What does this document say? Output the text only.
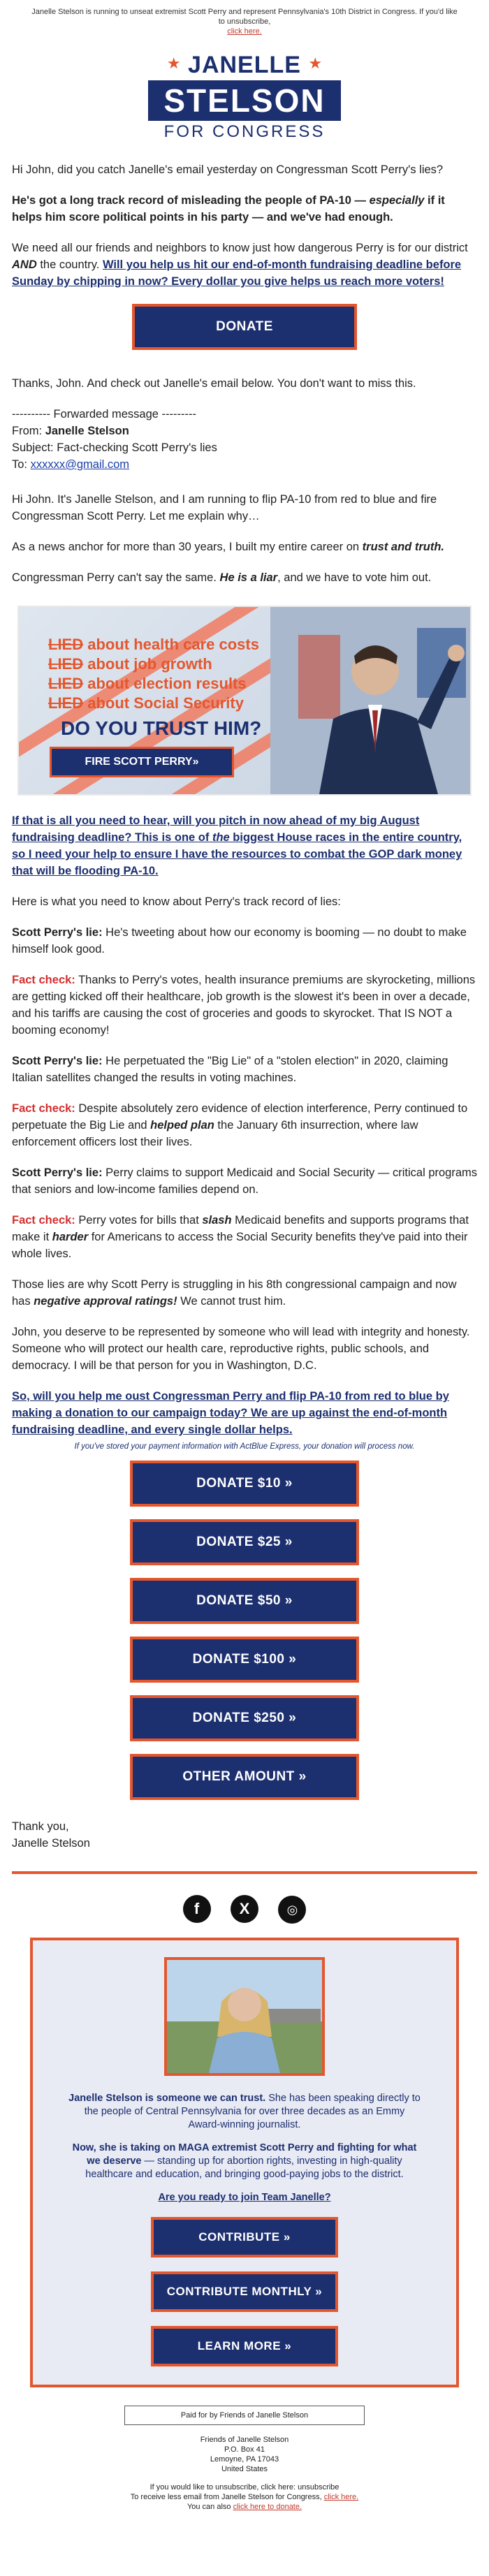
Janelle Stelson is running to unseat extremist Scott Perry and represent Pennsylvania's 10th District in Congress. If you'd like to unsubscribe,
click here.
★ JANELLE ★
STELSON
FOR CONGRESS

Hi John, did you catch Janelle's email yesterday on Congressman Scott Perry's lies?

He's got a long track record of misleading the people of PA-10 — especially if it helps him score political points in his party — and we've had enough.

We need all our friends and neighbors to know just how dangerous Perry is for our district AND the country. Will you help us hit our end-of-month fundraising deadline before Sunday by chipping in now? Every dollar you give helps us reach more voters!

DONATE

Thanks, John. And check out Janelle's email below. You don't want to miss this.

---------- Forwarded message ---------
From: Janelle Stelson
Subject: Fact-checking Scott Perry's lies
To: xxxxxx@gmail.com

Hi John. It's Janelle Stelson, and I am running to flip PA-10 from red to blue and fire Congressman Scott Perry. Let me explain why…

As a news anchor for more than 30 years, I built my entire career on trust and truth.

Congressman Perry can't say the same. He is a liar, and we have to vote him out.

LIED about health care costs
LIED about job growth
LIED about election results
LIED about Social Security
DO YOU TRUST HIM?
FIRE SCOTT PERRY»

If that is all you need to hear, will you pitch in now ahead of my big August fundraising deadline? This is one of the biggest House races in the entire country, so I need your help to ensure I have the resources to combat the GOP dark money that will be flooding PA-10.

Here is what you need to know about Perry's track record of lies:

Scott Perry's lie: He's tweeting about how our economy is booming — no doubt to make himself look good.

Fact check: Thanks to Perry's votes, health insurance premiums are skyrocketing, millions are getting kicked off their healthcare, job growth is the slowest it's been in over a decade, and his tariffs are causing the cost of groceries and goods to skyrocket. That IS NOT a booming economy!

Scott Perry's lie: He perpetuated the "Big Lie" of a "stolen election" in 2020, claiming Italian satellites changed the results in voting machines.

Fact check: Despite absolutely zero evidence of election interference, Perry continued to perpetuate the Big Lie and helped plan the January 6th insurrection, where law enforcement officers lost their lives.

Scott Perry's lie: Perry claims to support Medicaid and Social Security — critical programs that seniors and low-income families depend on.

Fact check: Perry votes for bills that slash Medicaid benefits and supports programs that make it harder for Americans to access the Social Security benefits they've paid into their whole lives.

Those lies are why Scott Perry is struggling in his 8th congressional campaign and now has negative approval ratings! We cannot trust him.

John, you deserve to be represented by someone who will lead with integrity and honesty. Someone who will protect our health care, reproductive rights, public schools, and democracy. I will be that person for you in Washington, D.C.

So, will you help me oust Congressman Perry and flip PA-10 from red to blue by making a donation to our campaign today? We are up against the end-of-month fundraising deadline, and every single dollar helps.

If you've stored your payment information with ActBlue Express, your donation will process now.
DONATE $10 »
DONATE $25 »
DONATE $50 »
DONATE $100 »
DONATE $250 »
OTHER AMOUNT »

Thank you,
Janelle Stelson

f	X	◎

Janelle Stelson is someone we can trust. She has been speaking directly to the people of Central Pennsylvania for over three decades as an Emmy Award-winning journalist.

Now, she is taking on MAGA extremist Scott Perry and fighting for what we deserve — standing up for abortion rights, investing in high-quality healthcare and education, and bringing good-paying jobs to the district.

Are you ready to join Team Janelle?

CONTRIBUTE »
CONTRIBUTE MONTHLY »
LEARN MORE »
Paid for by Friends of Janelle Stelson
Friends of Janelle Stelson
P.O. Box 41
Lemoyne, PA 17043
United States
If you would like to unsubscribe, click here: unsubscribe
To receive less email from Janelle Stelson for Congress, click here.
You can also click here to donate.
